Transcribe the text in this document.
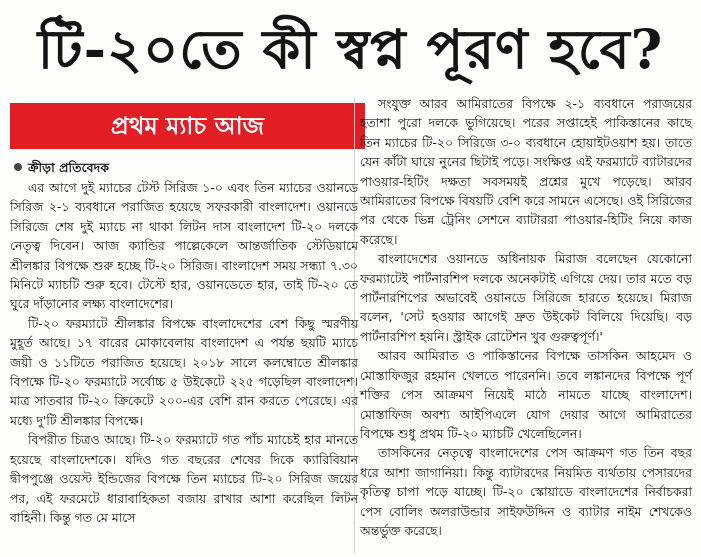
টি-২০তে কী স্বপ্ন পূরণ হবে?
প্রথম ম্যাচ আজ
ক্রীড়া প্রতিবেদক

এর আগে দুই ম্যাচের টেস্ট সিরিজ ১-০ এবং তিন ম্যাচের ওয়ানডে সিরিজ ২-১ ব্যবধানে পরাজিত হয়েছে সফরকারী বাংলাদেশ। ওয়ানডে সিরিজে শেষ দুই ম্যাচে না থাকা লিটন দাস বাংলাদেশ টি-২০ দলকে নেতৃত্ব দিবেন। আজ ক্যান্ডির পাল্লেকেলে আন্তর্জাতিক স্টেডিয়ামে শ্রীলঙ্কার বিপক্ষে শুরু হচ্ছে টি-২০ সিরিজ। বাংলাদেশ সময় সন্ধ্যা ৭.৩০ মিনিটে ম্যাচটি শুরু হবে। টেস্টে হার, ওয়ানডেতে হার, তাই টি-২০ তে ঘুরে দাঁড়ানোর লক্ষ্য বাংলাদেশের।

টি-২০ ফরম্যাটে শ্রীলঙ্কার বিপক্ষে বাংলাদেশের বেশ কিছু স্মরণীয় মুহূর্ত আছে। ১৭ বারের মোকাবেলায় বাংলাদেশ এ পর্যন্ত ছয়টি ম্যাচে জয়ী ও ১১টিতে পরাজিত হয়েছে। ২০১৮ সালে কলম্বোতে শ্রীলঙ্কার বিপক্ষে টি-২০ ফরম্যাটে সর্বোচ্চ ৫ উইকেটে ২২৫ গড়েছিল বাংলাদেশ। মাত্র সাতবার টি-২০ ক্রিকেটে ২০০-এর বেশি রান করতে পেরেছে। এর মধ্যে দু'টি শ্রীলঙ্কার বিপক্ষে।

বিপরীত চিত্রও আছে। টি-২০ ফরম্যাটে গত পাঁচ ম্যাচেই হার মানতে হয়েছে বাংলাদেশকে। যদিও গত বছরের শেষের দিকে ক্যারিবিয়ান দ্বীপপুঞ্জে ওয়েস্ট ইন্ডিজের বিপক্ষে তিন ম্যাচের টি-২০ সিরিজ জয়ের পর, এই ফরমেটে ধারাবাহিকতা বজায় রাখার আশা করেছিল লিটন বাহিনী। কিন্তু গত মে মাসে

সংযুক্ত আরব আমিরাতের বিপক্ষে ২-১ ব্যবধানে পরাজয়ের হতাশা পুরো দলকে ভুগিয়েছে। পরের সপ্তাহেই পাকিস্তানের কাছে তিন ম্যাচের টি-২০ সিরিজে ৩-০ ব্যবধানে হোয়াইটওয়াশ হয়। তাতে যেন কাঁটা ঘায়ে নুনের ছিটাই পড়ে। সংক্ষিপ্ত এই ফরম্যাটে ব্যাটারদের পাওয়ার-হিটিং দক্ষতা সবসময়ই প্রশ্নের মুখে পড়েছে। আরব আমিরাতের বিপক্ষে বিষয়টি বেশি করে সামনে এসেছে। ওই সিরিজের পর থেকে ভিন্ন ট্রেনিং সেশনে ব্যাটাররা পাওয়ার-হিটিং নিয়ে কাজ করেছে।

বাংলাদেশের ওয়ানডে অধিনায়ক মিরাজ বলেছেন যেকোনো ফরম্যাটেই পার্টনারশিপ দলকে অনেকটাই এগিয়ে দেয়। তার মতে বড় পার্টনারশিপের অভাবেই ওয়ানডে সিরিজে হারতে হয়েছে। মিরাজ বলেন, 'সেট হওয়ার আগেই দ্রুত উইকেট বিলিয়ে দিয়েছি। বড় পার্টনারশিপ হয়নি। স্ট্রাইক রোটেশন খুব গুরুত্বপূর্ণ।'

আরব আমিরাত ও পাকিস্তানের বিপক্ষে তাসকিন আহমেদ ও মোস্তাফিজুর রহমান খেলতে পারেননি। তবে লঙ্কানদের বিপক্ষে পূর্ণ শক্তির পেস আক্রমণ নিয়েই মাঠে নামতে যাচ্ছে বাংলাদেশ। মোস্তাফিজ অবশ্য আইপিএলে যোগ দেয়ার আগে আমিরাতের বিপক্ষে শুধু প্রথম টি-২০ ম্যাচটি খেলেছিলেন।

তাসকিনের নেতৃত্বে বাংলাদেশের পেস আক্রমণ গত তিন বছর ধরে আশা জাগানিয়া। কিন্তু ব্যাটারদের নিয়মিত ব্যর্থতায় পেসারদের কৃতিত্ব চাপা পড়ে যাচ্ছে। টি-২০ স্কোয়াডে বাংলাদেশের নির্বাচকরা পেস বোলিং অলরাউন্ডার সাইফউদ্দিন ও ব্যাটার নাইম শেখকেও অন্তর্ভুক্ত করেছে।
